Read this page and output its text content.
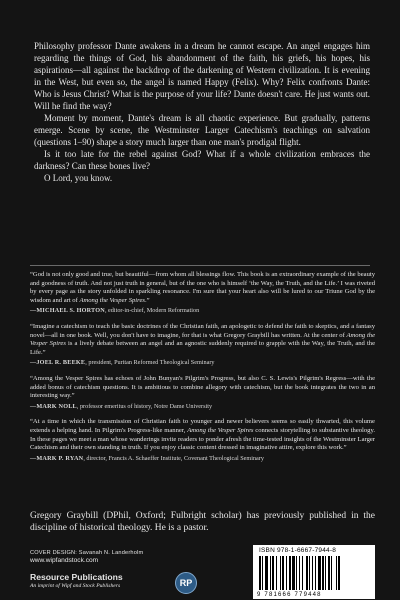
Philosophy professor Dante awakens in a dream he cannot escape. An angel engages him regarding the things of God, his abandonment of the faith, his griefs, his hopes, his aspirations—all against the backdrop of the darkening of Western civilization. It is evening in the West, but even so, the angel is named Happy (Felix). Why? Felix confronts Dante: Who is Jesus Christ? What is the purpose of your life? Dante doesn't care. He just wants out. Will he find the way?

Moment by moment, Dante's dream is all chaotic experience. But gradually, patterns emerge. Scene by scene, the Westminster Larger Catechism's teachings on salvation (questions 1–90) shape a story much larger than one man's prodigal flight.

Is it too late for the rebel against God? What if a whole civilization embraces the darkness? Can these bones live?

O Lord, you know.

“God is not only good and true, but beautiful—from whom all blessings flow. This book is an extraordinary example of the beauty and goodness of truth. And not just truth in general, but of the one who is himself ‘the Way, the Truth, and the Life.’ I was riveted by every page as the story unfolded in sparkling resonance. I'm sure that your heart also will be lured to our Triune God by the wisdom and art of Among the Vesper Spires.”
—MICHAEL S. HORTON, editor-in-chief, Modern Reformation
“Imagine a catechism to teach the basic doctrines of the Christian faith, an apologetic to defend the faith to skeptics, and a fantasy novel—all in one book. Well, you don't have to imagine, for that is what Gregory Graybill has written. At the center of Among the Vesper Spires is a lively debate between an angel and an agnostic suddenly required to grapple with the Way, the Truth, and the Life.”
—JOEL R. BEEKE, president, Puritan Reformed Theological Seminary
“Among the Vesper Spires has echoes of John Bunyan's Pilgrim's Progress, but also C. S. Lewis's Pilgrim's Regress—with the added bonus of catechism questions. It is ambitious to combine allegory with catechism, but the book integrates the two in an interesting way.”
—MARK NOLL, professor emeritus of history, Notre Dame University
“At a time in which the transmission of Christian faith to younger and newer believers seems so easily thwarted, this volume extends a helping hand. In Pilgrim's Progress-like manner, Among the Vesper Spires connects storytelling to substantive theology. In these pages we meet a man whose wanderings invite readers to ponder afresh the time-tested insights of the Westminster Larger Catechism and their own standing in truth. If you enjoy classic content dressed in imaginative attire, explore this work.”
—MARK P. RYAN, director, Francis A. Schaeffer Institute, Covenant Theological Seminary
Gregory Graybill (DPhil, Oxford; Fulbright scholar) has previously published in the discipline of historical theology. He is a pastor.
COVER DESIGN: Savanah N. Landerholm
www.wipfandstock.com
Resource Publications
An imprint of Wipf and Stock Publishers	RP
ISBN 978-1-6667-7944-8
9 781666 779448
